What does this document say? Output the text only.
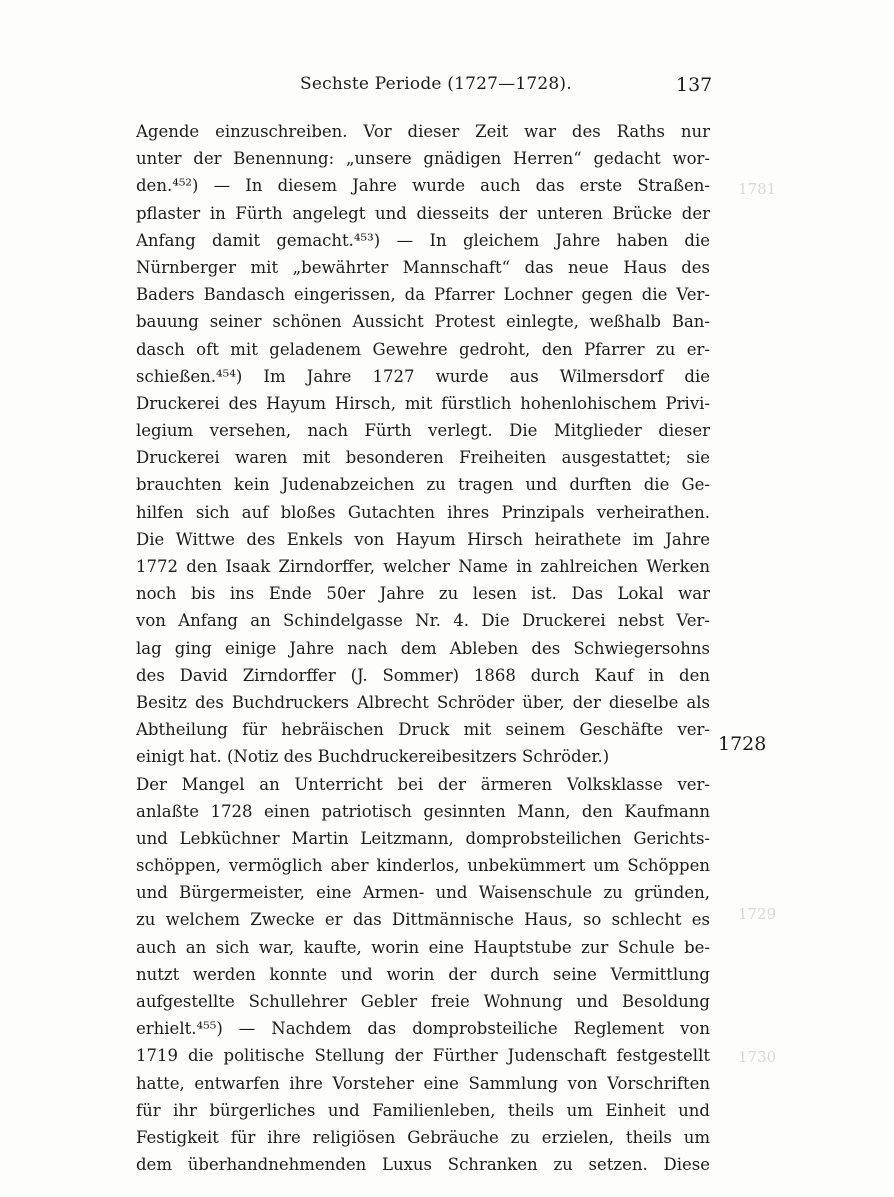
Sechste Periode (1727—1728).	137
1781
1729
1730
Agende einzuschreiben. Vor dieser Zeit war des Raths nur
unter der Benennung: „unsere gnädigen Herren“ gedacht wor-
den.⁴⁵²) — In diesem Jahre wurde auch das erste Straßen-
pflaster in Fürth angelegt und diesseits der unteren Brücke der
Anfang damit gemacht.⁴⁵³) — In gleichem Jahre haben die
Nürnberger mit „bewährter Mannschaft“ das neue Haus des
Baders Bandasch eingerissen, da Pfarrer Lochner gegen die Ver-
bauung seiner schönen Aussicht Protest einlegte, weßhalb Ban-
dasch oft mit geladenem Gewehre gedroht, den Pfarrer zu er-
schießen.⁴⁵⁴) Im Jahre 1727 wurde aus Wilmersdorf die
Druckerei des Hayum Hirsch, mit fürstlich hohenlohischem Privi-
legium versehen, nach Fürth verlegt. Die Mitglieder dieser
Druckerei waren mit besonderen Freiheiten ausgestattet; sie
brauchten kein Judenabzeichen zu tragen und durften die Ge-
hilfen sich auf bloßes Gutachten ihres Prinzipals verheirathen.
Die Wittwe des Enkels von Hayum Hirsch heirathete im Jahre
1772 den Isaak Zirndorffer, welcher Name in zahlreichen Werken
noch bis ins Ende 50er Jahre zu lesen ist. Das Lokal war
von Anfang an Schindelgasse Nr. 4. Die Druckerei nebst Ver-
lag ging einige Jahre nach dem Ableben des Schwiegersohns
des David Zirndorffer (J. Sommer) 1868 durch Kauf in den
Besitz des Buchdruckers Albrecht Schröder über, der dieselbe als
Abtheilung für hebräischen Druck mit seinem Geschäfte ver-
einigt hat. (Notiz des Buchdruckereibesitzers Schröder.)
Der Mangel an Unterricht bei der ärmeren Volksklasse ver-
anlaßte 1728 einen patriotisch gesinnten Mann, den Kaufmann
und Lebküchner Martin Leitzmann, domprobsteilichen Gerichts-
schöppen, vermöglich aber kinderlos, unbekümmert um Schöppen
und Bürgermeister, eine Armen- und Waisenschule zu gründen,
zu welchem Zwecke er das Dittmännische Haus, so schlecht es
auch an sich war, kaufte, worin eine Hauptstube zur Schule be-
nutzt werden konnte und worin der durch seine Vermittlung
aufgestellte Schullehrer Gebler freie Wohnung und Besoldung
erhielt.⁴⁵⁵) — Nachdem das domprobsteiliche Reglement von
1719 die politische Stellung der Fürther Judenschaft festgestellt
hatte, entwarfen ihre Vorsteher eine Sammlung von Vorschriften
für ihr bürgerliches und Familienleben, theils um Einheit und
Festigkeit für ihre religiösen Gebräuche zu erzielen, theils um
dem überhandnehmenden Luxus Schranken zu setzen. Diese
1728
